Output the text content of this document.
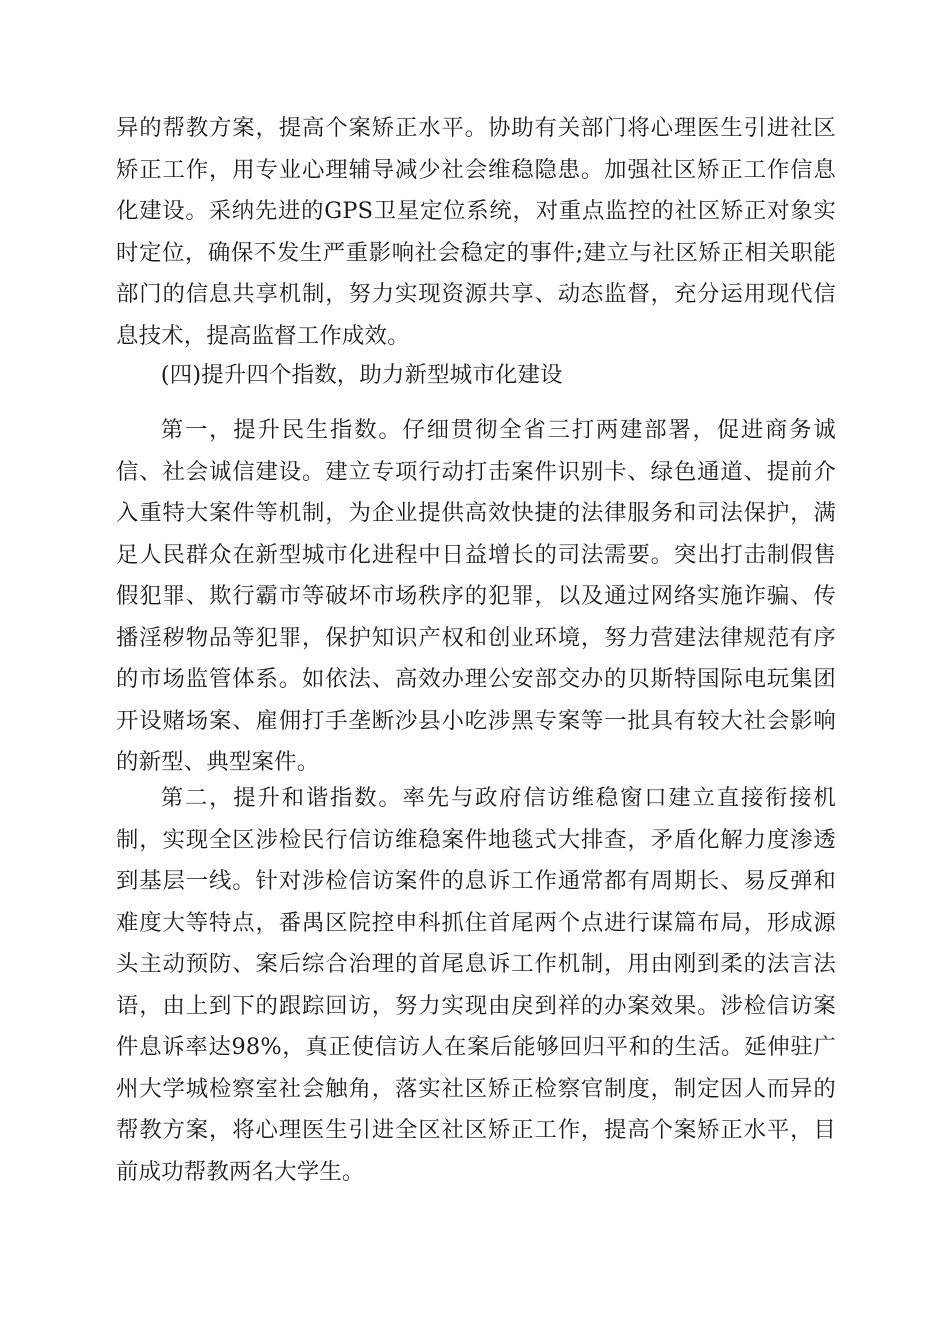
异的帮教方案，提高个案矫正水平。协助有关部门将心理医生引进社区矫正工作，用专业心理辅导减少社会维稳隐患。加强社区矫正工作信息化建设。采纳先进的GPS卫星定位系统，对重点监控的社区矫正对象实时定位，确保不发生严重影响社会稳定的事件;建立与社区矫正相关职能部门的信息共享机制，努力实现资源共享、动态监督，充分运用现代信息技术，提高监督工作成效。

(四)提升四个指数，助力新型城市化建设

第一，提升民生指数。仔细贯彻全省三打两建部署，促进商务诚信、社会诚信建设。建立专项行动打击案件识别卡、绿色通道、提前介入重特大案件等机制，为企业提供高效快捷的法律服务和司法保护，满足人民群众在新型城市化进程中日益增长的司法需要。突出打击制假售假犯罪、欺行霸市等破坏市场秩序的犯罪，以及通过网络实施诈骗、传播淫秽物品等犯罪，保护知识产权和创业环境，努力营建法律规范有序的市场监管体系。如依法、高效办理公安部交办的贝斯特国际电玩集团开设赌场案、雇佣打手垄断沙县小吃涉黑专案等一批具有较大社会影响的新型、典型案件。

第二，提升和谐指数。率先与政府信访维稳窗口建立直接衔接机制，实现全区涉检民行信访维稳案件地毯式大排查，矛盾化解力度渗透到基层一线。针对涉检信访案件的息诉工作通常都有周期长、易反弹和难度大等特点，番禺区院控申科抓住首尾两个点进行谋篇布局，形成源头主动预防、案后综合治理的首尾息诉工作机制，用由刚到柔的法言法语，由上到下的跟踪回访，努力实现由戾到祥的办案效果。涉检信访案件息诉率达98%，真正使信访人在案后能够回归平和的生活。延伸驻广州大学城检察室社会触角，落实社区矫正检察官制度，制定因人而异的帮教方案，将心理医生引进全区社区矫正工作，提高个案矫正水平，目前成功帮教两名大学生。
